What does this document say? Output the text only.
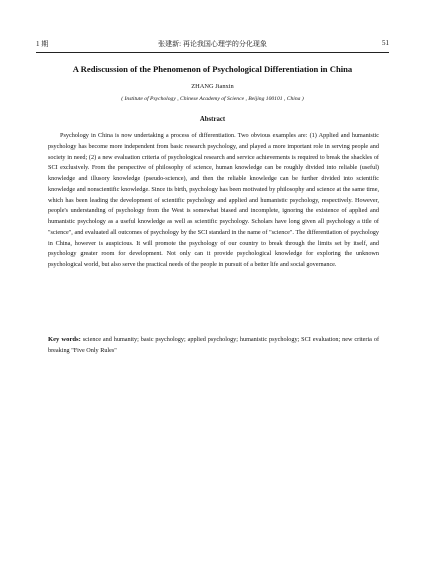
1 期	张建新: 再论我国心理学的分化现象	51
A Rediscussion of the Phenomenon of Psychological Differentiation in China
ZHANG Jianxin
( Institute of Psychology , Chinese Academy of Science , Beijing 100101 , China )
Abstract

Psychology in China is now undertaking a process of differentiation. Two obvious examples are: (1) Applied and humanistic psychology has become more independent from basic research psychology, and played a more important role in serving people and society in need; (2) a new evaluation criteria of psychological research and service achievements is required to break the shackles of SCI exclusively. From the perspective of philosophy of science, human knowledge can be roughly divided into reliable (useful) knowledge and illusory knowledge (pseudo-science), and then the reliable knowledge can be further divided into scientific knowledge and nonscientific knowledge. Since its birth, psychology has been motivated by philosophy and science at the same time, which has been leading the development of scientific psychology and applied and humanistic psychology, respectively. However, people's understanding of psychology from the West is somewhat biased and incomplete, ignoring the existence of applied and humanistic psychology as a useful knowledge as well as scientific psychology. Scholars have long given all psychology a title of "science", and evaluated all outcomes of psychology by the SCI standard in the name of "science". The differentiation of psychology in China, however is auspicious. It will promote the psychology of our country to break through the limits set by itself, and psychology greater room for development. Not only can it provide psychological knowledge for exploring the unknown psychological world, but also serve the practical needs of the people in pursuit of a better life and social governance.

Key words: science and humanity; basic psychology; applied psychology; humanistic psychology; SCI evaluation; new criteria of breaking "Five Only Rules"
